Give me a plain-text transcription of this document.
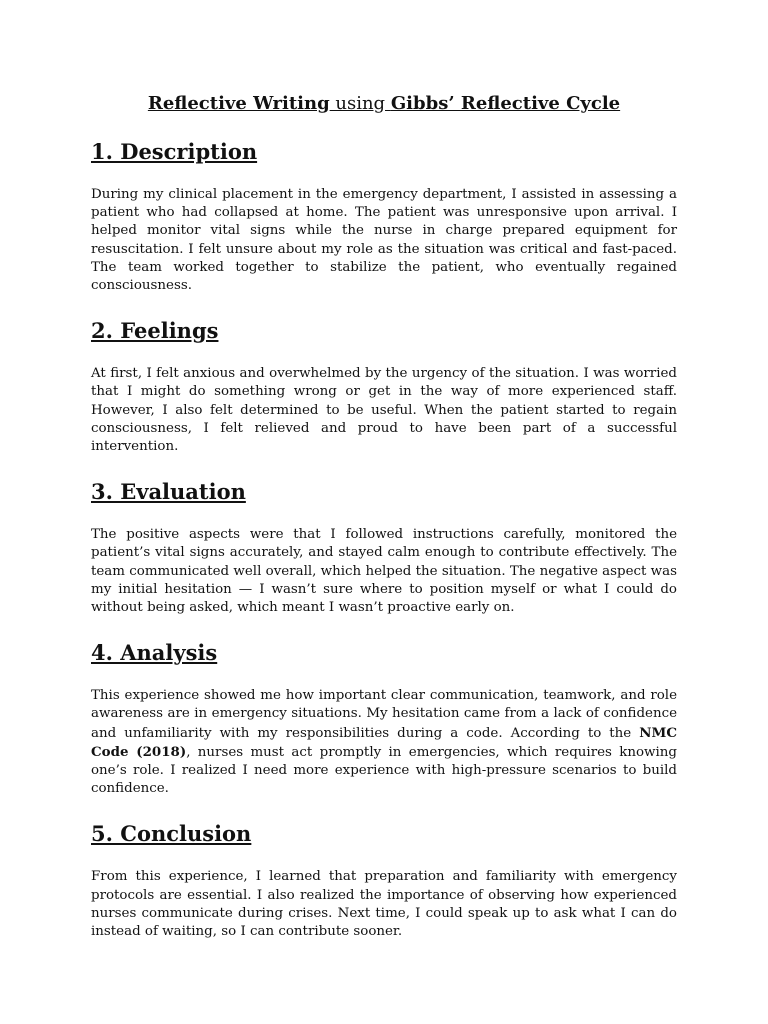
Reflective Writing using Gibbs’ Reflective Cycle
1. Description

During my clinical placement in the emergency department, I assisted in assessing a patient who had collapsed at home. The patient was unresponsive upon arrival. I helped monitor vital signs while the nurse in charge prepared equipment for resuscitation. I felt unsure about my role as the situation was critical and fast-paced. The team worked together to stabilize the patient, who eventually regained consciousness.

2. Feelings

At first, I felt anxious and overwhelmed by the urgency of the situation. I was worried that I might do something wrong or get in the way of more experienced staff. However, I also felt determined to be useful. When the patient started to regain consciousness, I felt relieved and proud to have been part of a successful intervention.

3. Evaluation

The positive aspects were that I followed instructions carefully, monitored the patient’s vital signs accurately, and stayed calm enough to contribute effectively. The team communicated well overall, which helped the situation. The negative aspect was my initial hesitation — I wasn’t sure where to position myself or what I could do without being asked, which meant I wasn’t proactive early on.

4. Analysis

This experience showed me how important clear communication, teamwork, and role awareness are in emergency situations. My hesitation came from a lack of confidence and unfamiliarity with my responsibilities during a code. According to the NMC Code (2018), nurses must act promptly in emergencies, which requires knowing one’s role. I realized I need more experience with high-pressure scenarios to build confidence.

5. Conclusion

From this experience, I learned that preparation and familiarity with emergency protocols are essential. I also realized the importance of observing how experienced nurses communicate during crises. Next time, I could speak up to ask what I can do instead of waiting, so I can contribute sooner.
